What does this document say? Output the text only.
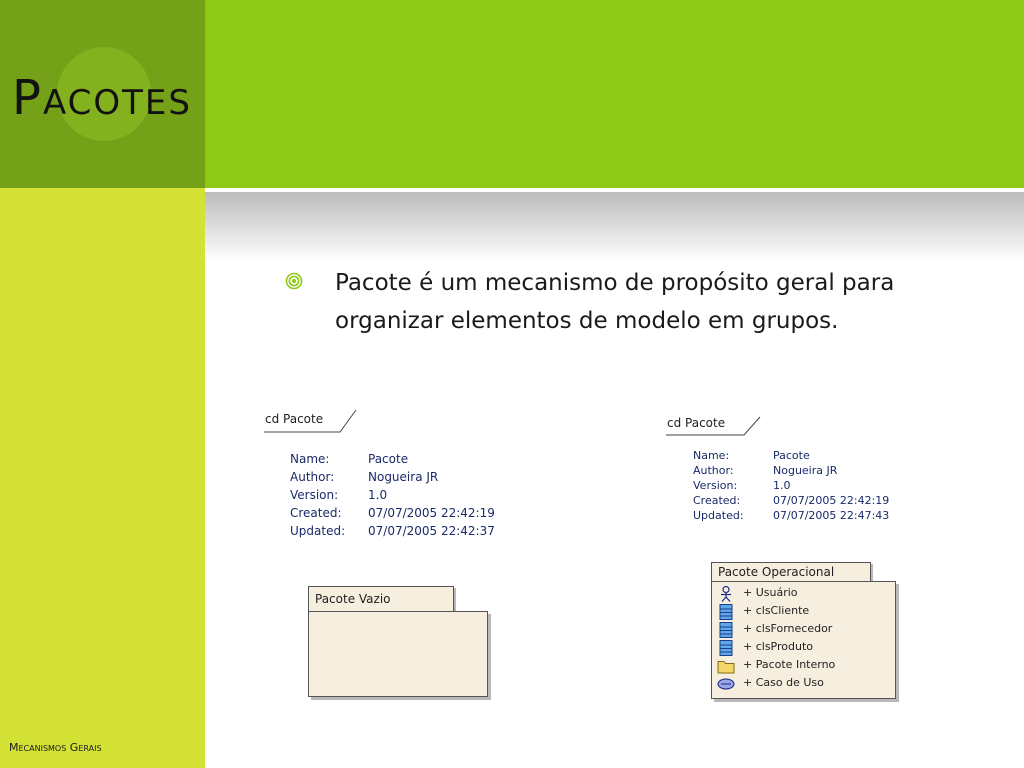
Pacotes
Mecanismos Gerais
Pacote é um mecanismo de propósito geral para organizar elementos de modelo em grupos.
cd Pacote
Name:	Pacote
Author:	Nogueira JR
Version: 1.0
Created: 07/07/2005 22:42:19
Updated: 07/07/2005 22:42:37
Pacote Vazio
cd Pacote
Name:	Pacote
Author:	Nogueira JR
Version:	1.0
Created:	07/07/2005 22:42:19
Updated:	07/07/2005 22:47:43
Pacote Operacional
+ Usuário
+ clsCliente
+ clsFornecedor
+ clsProduto
+ Pacote Interno
+ Caso de Uso
